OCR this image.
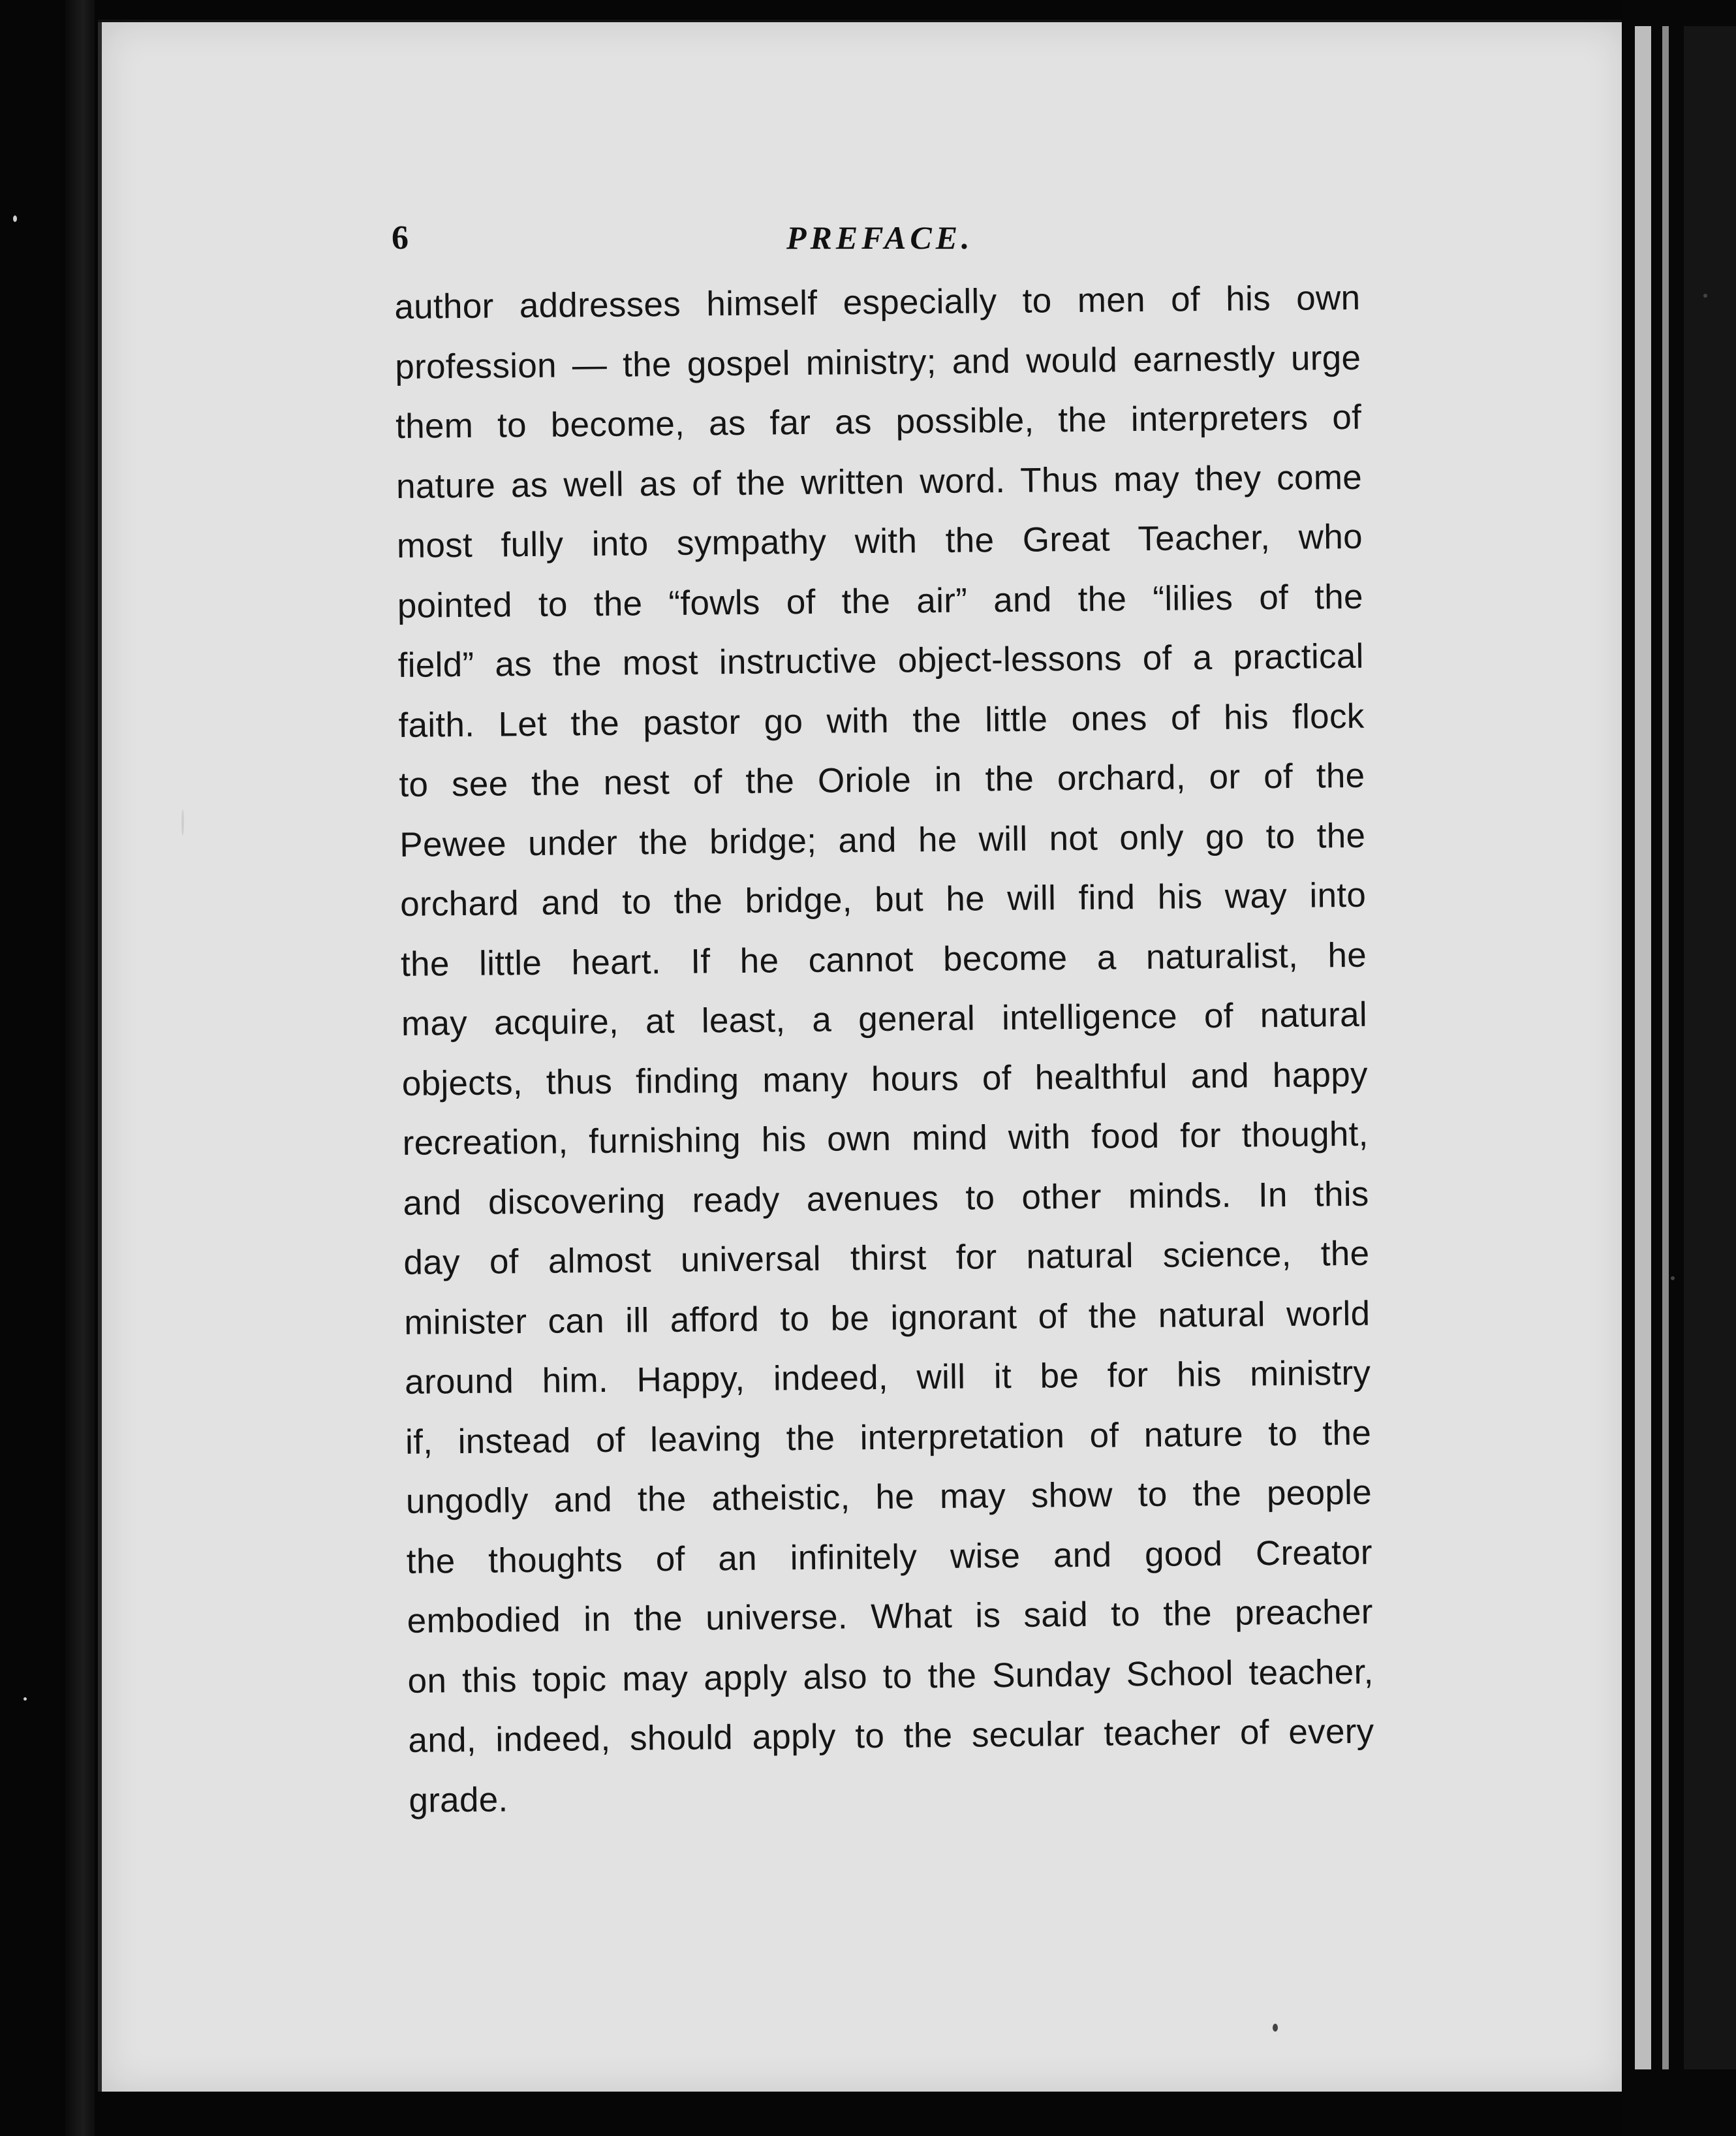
6	PREFACE.
author addresses himself especially to men of his own
profession — the gospel ministry; and would earnestly urge
them to become, as far as possible, the interpreters of
nature as well as of the written word. Thus may they come
most fully into sympathy with the Great Teacher, who
pointed to the “fowls of the air” and the “lilies of the
field” as the most instructive object-lessons of a practical
faith. Let the pastor go with the little ones of his flock
to see the nest of the Oriole in the orchard, or of the
Pewee under the bridge; and he will not only go to the
orchard and to the bridge, but he will find his way into
the little heart. If he cannot become a naturalist, he
may acquire, at least, a general intelligence of natural
objects, thus finding many hours of healthful and happy
recreation, furnishing his own mind with food for thought,
and discovering ready avenues to other minds. In this
day of almost universal thirst for natural science, the
minister can ill afford to be ignorant of the natural world
around him. Happy, indeed, will it be for his ministry
if, instead of leaving the interpretation of nature to the
ungodly and the atheistic, he may show to the people
the thoughts of an infinitely wise and good Creator
embodied in the universe. What is said to the preacher
on this topic may apply also to the Sunday School teacher,
and, indeed, should apply to the secular teacher of every
grade.
